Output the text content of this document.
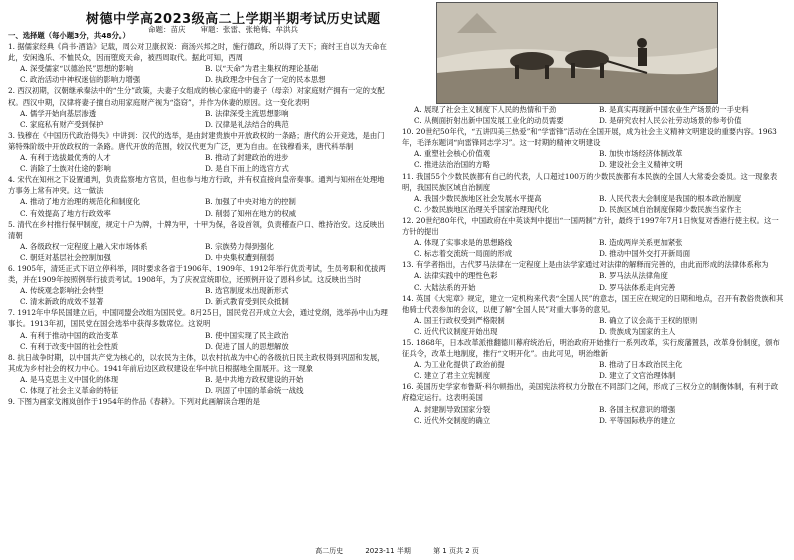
树德中学高2023级高二上学期半期考试历史试题
命题：苗庆　　审题：张雷、张艳梅、牟洪兵

一、选择题（每小题3分，共48分。）

1. 据儒家经典《尚书·酒诰》记载，周公对卫康叔说：商汤兴邦之时，施行德政，所以得了天下；商纣王自以为天命在此，安闲逸乐、不恤民众，因而堕废天命，被西周取代。据此可知，西周

A. 深受儒家“以德治民”思想的影响	B. 以“天命”为君主集权的理论基础
C. 政治活动中神权迷信的影响力增强	D. 执政理念中包含了一定的民本思想

2. 西汉初期，汉朝继承秦法中的“生分”政策，夫妻子女组成的核心家庭中的妻子（母亲）对家庭财产拥有一定的支配权。西汉中期，汉律将妻子擅自动用家庭财产视为“盗窃”，并作为休妻的原因。这一变化表明

A. 儒学开始向基层渗透	B. 法律深受主流思想影响
C. 家庭私有财产受到保护	D. 汉律是礼法结合的典范

3. 钱穆在《中国历代政治得失》中讲到：汉代的选举，是由封建贵族中开放政权的一条路；唐代的公开竞选，是由门第特殊阶级中开放政权的一条路。唐代开放的范围，较汉代更为广泛，更为自由。在钱穆看来，唐代科举制

A. 有利于选拔最优秀的人才	B. 推动了封建政治的进步
C. 消除了士族对仕途的影响	D. 是自下而上的选官方式

4. 宋代在知州之下设置通判，负责监察地方官员，但也参与地方行政，并有权直接向皇帝奏事。通判与知州在处理地方事务上常有冲突。这一做法

A. 推动了地方治理的规范化和制度化	B. 加强了中央对地方的控制
C. 有效提高了地方行政效率	D. 削弱了知州在地方的权威

5. 清代在乡村推行保甲制度，规定十户为牌，十牌为甲，十甲为保，各设首领，负责稽查户口、维持治安。这反映出清朝

A. 各级政权一定程度上融入宋市场体系	B. 宗族势力得到强化
C. 朝廷对基层社会控制加强	D. 中央集权遭到削弱

6. 1905年，清廷正式下诏立停科举，同时要求各省于1906年、1909年、1912年举行优贡考试，生员考职和优拔两类，并在1909年按照例举行拔贡考试。1908年，为了庆祝宣统即位，还照例开设了恩科乡试。这反映出当时

A. 传统观念影响社会转型	B. 选官制度未出现新形式
C. 清末新政的成效不显著	D. 新式教育受到民众抵制

7. 1912年中华民国建立后，中国同盟会改组为国民党。8月25日，国民党召开成立大会，通过党纲，选举孙中山为理事长。1913年初，国民党在国会选举中获得多数席位。这说明

A. 有利于推动中国的政治变革	B. 使中国实现了民主政治
C. 有利于改变中国的社会性质	D. 促进了国人的思想解放

8. 抗日战争时期，以中国共产党为核心的，以农民为主体，以农村抗战为中心的各级抗日民主政权得到巩固和发展，其成为乡村社会的权力中心。1941年前后边区政权建设在华中抗日根据地全面展开。这一现象

A. 是马克思主义中国化的体现	B. 是中共地方政权建设的开始
C. 体现了社会主义革命的特征	D. 巩固了中国的革命统一战线

9. 下图为画家戈湘岚创作于1954年的作品《春耕》。下列对此画解读合理的是

A. 展现了社会主义制度下人民的热情和干劲	B. 是真实再现新中国农业生产场景的一手史料
C. 从侧面折射出新中国发展工业化的动员需要	D. 是研究农村人民公社劳动场景的参考价值

10. 20世纪50年代，“五讲四美三热爱”和“学雷锋”活动在全国开展，成为社会主义精神文明建设的重要内容。1963年，毛泽东题词“向雷锋同志学习”。这一时期的精神文明建设

A. 重塑社会核心价值观	B. 加快市场经济体制改革
C. 推进法治治国的方略	D. 建设社会主义精神文明

11. 我国55个少数民族都有自己的代表，人口超过100万的少数民族都有本民族的全国人大常委会委员。这一现象表明，我国民族区域自治制度

A. 我国少数民族地区社会发展水平提高	B. 人民代表大会制度是我国的根本政治制度
C. 少数民族地区治理关乎国家治理现代化	D. 民族区域自治制度保障少数民族当家作主

12. 20世纪80年代，中国政府在中英谈判中提出“一国两制”方针，最终于1997年7月1日恢复对香港行使主权。这一方针的提出

A. 体现了实事求是的思想路线	B. 造成两岸关系更加紧张
C. 标志着交流统一局面的形成	D. 推动中国外交打开新局面

13. 有学者指出，古代罗马法律在一定程度上是由法学家通过对法律的解释而完善的，由此而形成的法律体系称为

A. 法律实践中的理性色彩	B. 罗马法从法律角度
C. 大陆法系的开始	D. 罗马法体系走向完善

14. 英国《大宪章》规定，建立一定机构来代表“全国人民”的意志，国王应在规定的日期和地点，召开有教俗贵族和其他骑士代表参加的会议，以便了解“全国人民”对重大事务的意见。

A. 国王行政权受到严格限制	B. 确立了议会高于王权的原则
C. 近代代议制度开始出现	D. 贵族成为国家的主人

15. 1868年，日本改革派推翻德川幕府统治后，明治政府开始推行一系列改革，实行废藩置县，改革身份制度，颁布征兵令，改革土地制度，推行“文明开化”。由此可见，明治维新

A. 为工业化提供了政治前提	B. 推动了日本政治民主化
C. 建立了君主立宪制度	D. 建立了文官治理体制

16. 美国历史学家布鲁斯·科尔顿指出，美国宪法将权力分散在不同部门之间，形成了三权分立的制衡体制，有利于政府稳定运行。这表明美国

A. 封建制导致国家分裂	B. 各国主权意识的增强
C. 近代外交制度的确立	D. 平等国际秩序的建立
高二历史	2023-11 半期	第 1 页共 2 页
